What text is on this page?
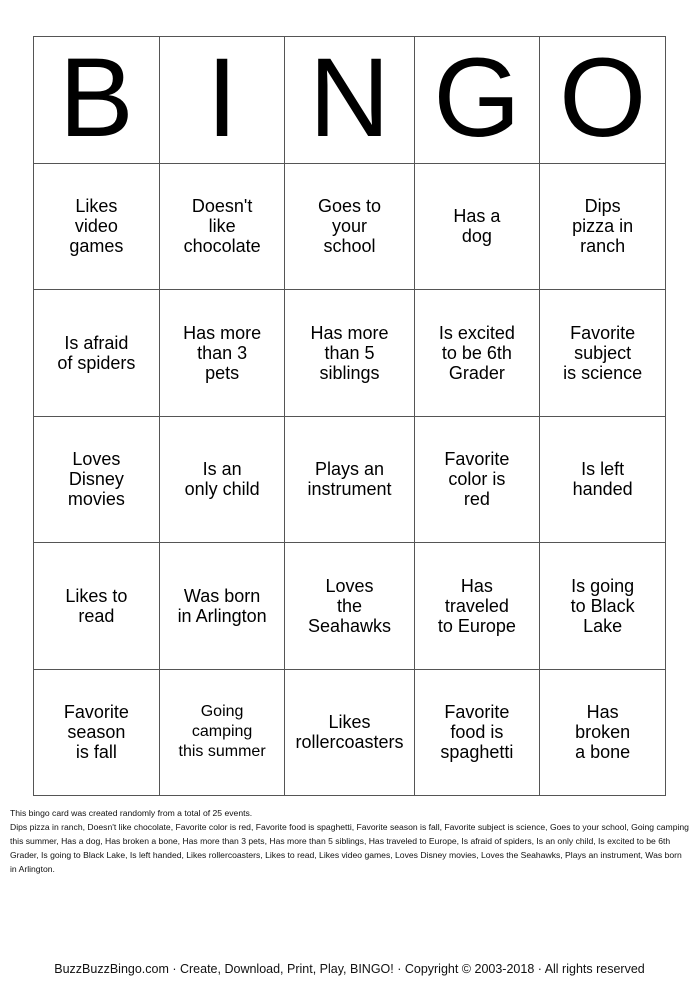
B I N G O
Likes
video
games
Doesn't
like
chocolate
Goes to
your
school
Has a
dog
Dips
pizza in
ranch
Is afraid
of spiders
Has more
than 3
pets
Has more
than 5
siblings
Is excited
to be 6th
Grader
Favorite
subject
is science
Loves
Disney
movies
Is an
only child
Plays an
instrument
Favorite
color is
red
Is left
handed
Likes to
read
Was born
in Arlington
Loves
the
Seahawks
Has
traveled
to Europe
Is going
to Black
Lake
Favorite
season
is fall
Going
camping
this summer
Likes
rollercoasters
Favorite
food is
spaghetti
Has
broken
a bone
This bingo card was created randomly from a total of 25 events.
Dips pizza in ranch, Doesn't like chocolate, Favorite color is red, Favorite food is spaghetti, Favorite season is fall, Favorite subject is science, Goes to your school, Going camping this summer, Has a dog, Has broken a bone, Has more than 3 pets, Has more than 5 siblings, Has traveled to Europe, Is afraid of spiders, Is an only child, Is excited to be 6th Grader, Is going to Black Lake, Is left handed, Likes rollercoasters, Likes to read, Likes video games, Loves Disney movies, Loves the Seahawks, Plays an instrument, Was born in Arlington.
BuzzBuzzBingo.com · Create, Download, Print, Play, BINGO! · Copyright © 2003-2018 · All rights reserved
